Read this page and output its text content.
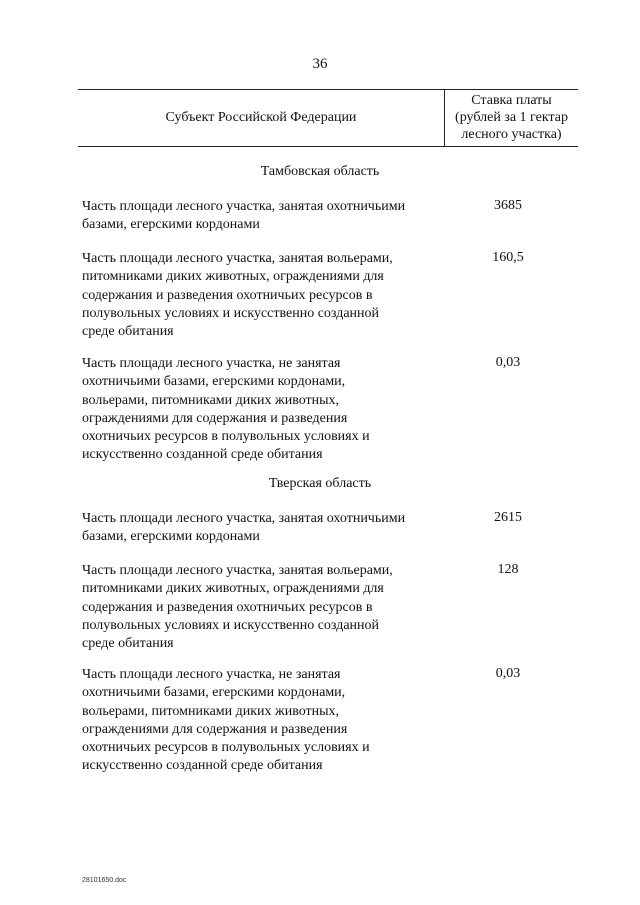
36
Субъект Российской Федерации
Ставка платы
(рублей за 1 гектар
лесного участка)
Тамбовская область
Часть площади лесного участка, занятая охотничьими
базами, егерскими кордонами
3685
Часть площади лесного участка, занятая вольерами,
питомниками диких животных, ограждениями для
содержания и разведения охотничьих ресурсов в
полувольных условиях и искусственно созданной
среде обитания
160,5
Часть площади лесного участка, не занятая
охотничьими базами, егерскими кордонами,
вольерами, питомниками диких животных,
ограждениями для содержания и разведения
охотничьих ресурсов в полувольных условиях и
искусственно созданной среде обитания
0,03
Тверская область
Часть площади лесного участка, занятая охотничьими
базами, егерскими кордонами
2615
Часть площади лесного участка, занятая вольерами,
питомниками диких животных, ограждениями для
содержания и разведения охотничьих ресурсов в
полувольных условиях и искусственно созданной
среде обитания
128
Часть площади лесного участка, не занятая
охотничьими базами, егерскими кордонами,
вольерами, питомниками диких животных,
ограждениями для содержания и разведения
охотничьих ресурсов в полувольных условиях и
искусственно созданной среде обитания
0,03
28101650.doc
